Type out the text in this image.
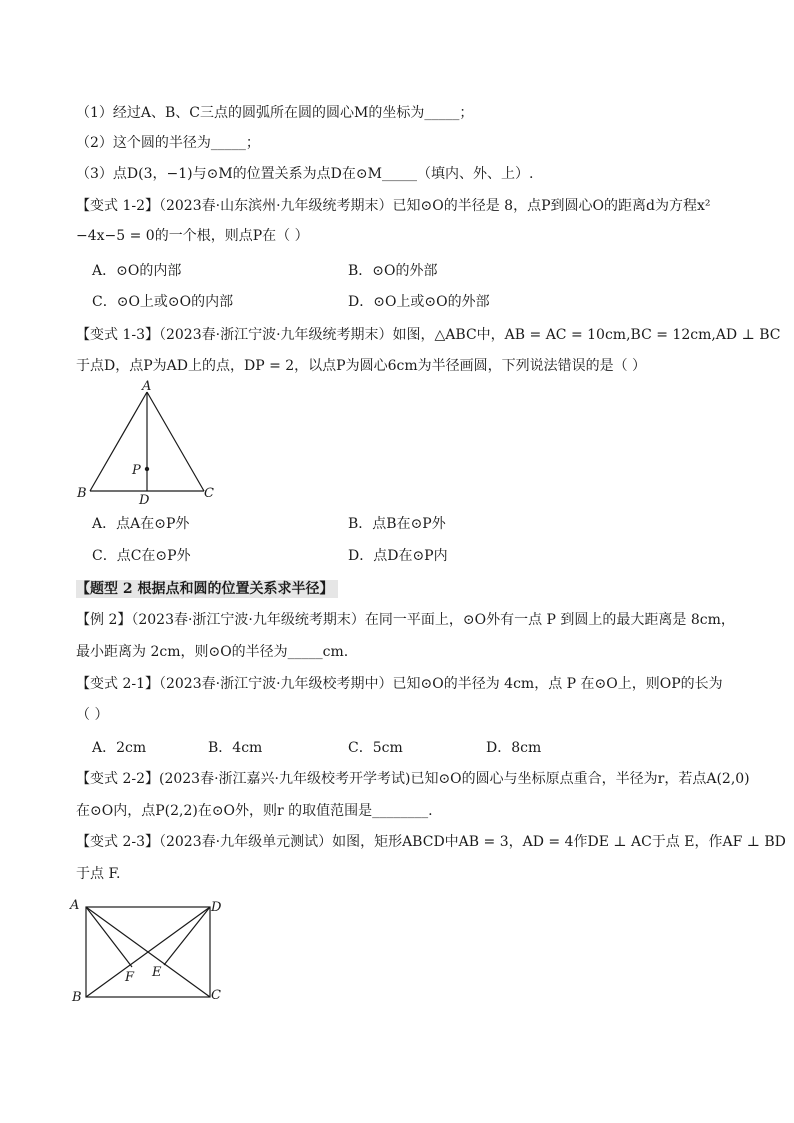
（1）经过A、B、C三点的圆弧所在圆的圆心M的坐标为_____；
（2）这个圆的半径为_____；
（3）点D(3，−1)与⊙M的位置关系为点D在⊙M_____（填内、外、上）.
【变式 1-2】（2023春·山东滨州·九年级统考期末）已知⊙O的半径是 8，点P到圆心O的距离d为方程x²
−4x−5 = 0的一个根，则点P在（ ）
A．⊙O的内部	B．⊙O的外部
C．⊙O上或⊙O的内部	D．⊙O上或⊙O的外部
【变式 1-3】（2023春·浙江宁波·九年级统考期末）如图，△ABC中，AB = AC = 10cm,BC = 12cm,AD ⊥ BC
于点D，点P为AD上的点，DP = 2，以点P为圆心6cm为半径画圆，下列说法错误的是（ ）
A
P
B	D	C
A．点A在⊙P外	B．点B在⊙P外
C．点C在⊙P外	D．点D在⊙P内
【题型 2 根据点和圆的位置关系求半径】
【例 2】（2023春·浙江宁波·九年级统考期末）在同一平面上，⊙O外有一点 P 到圆上的最大距离是 8cm，
最小距离为 2cm，则⊙O的半径为_____cm.
【变式 2-1】（2023春·浙江宁波·九年级校考期中）已知⊙O的半径为 4cm，点 P 在⊙O上，则OP的长为
（ ）
A．2cm	B．4cm	C．5cm	D．8cm
【变式 2-2】(2023春·浙江嘉兴·九年级校考开学考试)已知⊙O的圆心与坐标原点重合，半径为r，若点A(2,0)
在⊙O内，点P(2,2)在⊙O外，则r 的取值范围是________.
【变式 2-3】（2023春·九年级单元测试）如图，矩形ABCD中AB = 3，AD = 4作DE ⊥ AC于点 E，作AF ⊥ BD
于点 F.
A	D
F E
B	C
